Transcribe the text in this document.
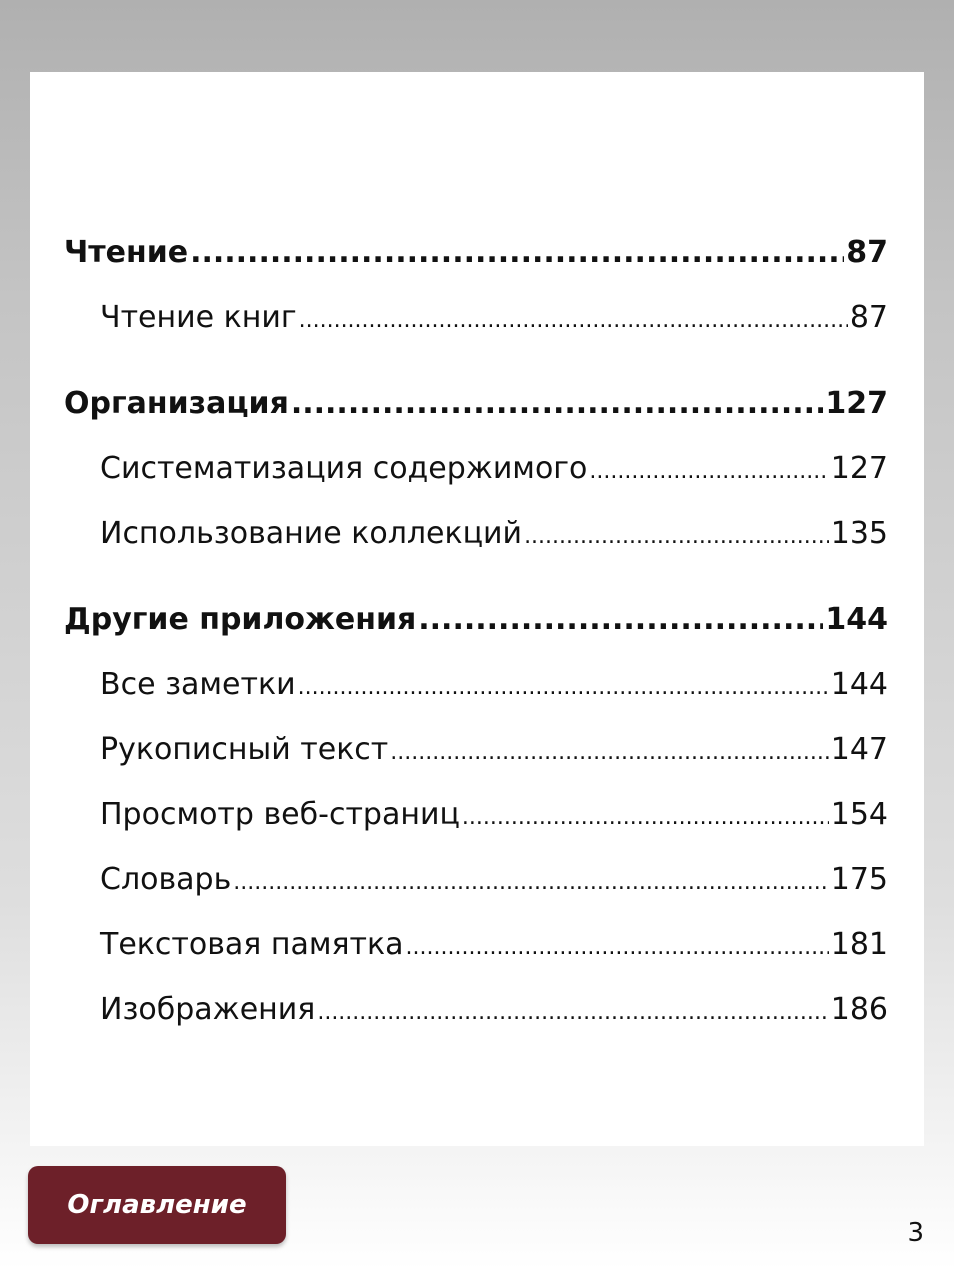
Чтение .....	87
Чтение книг .....	87
Организация .....	127
Систематизация содержимого .....	127
Использование коллекций .....	135
Другие приложения .....	144
Все заметки .....	144
Рукописный текст .....	147
Просмотр веб-страниц .....	154
Словарь .....	175
Текстовая памятка .....	181
Изображения .....	186
Оглавление
3
